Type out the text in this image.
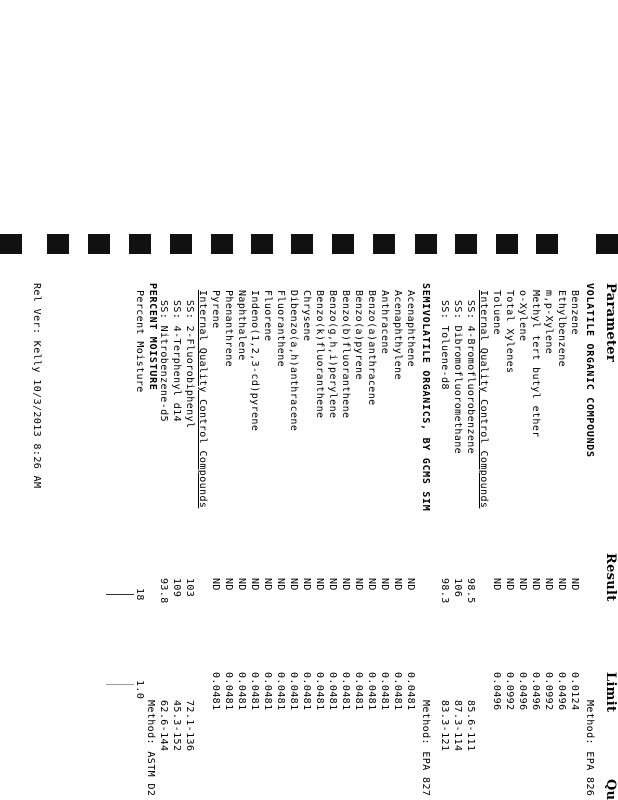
Parameter
Result
Limit
Qu
VOLATILE ORGANIC COMPOUNDS
Method: EPA 826
Benzene
ND
0.0124
Ethylbenzene
ND
0.0496
m,p-Xylene
ND
0.0992
Methyl tert butyl ether
ND
0.0496
o-Xylene
ND
0.0496
Total Xylenes
ND
0.0992
Toluene
ND
0.0496
Internal Quality Control Compounds
SS: 4-Bromofluorobenzene
98.5
85.6-111
SS: Dibromofluoromethane
106
87.3-114
SS: Toluene-d8
98.3
83.3-121
SEMIVOLATILE ORGANICS, BY GCMS SIM
Method: EPA 827
Acenaphthene
ND
0.0481
Acenaphthylene
ND
0.0481
Anthracene
ND
0.0481
Benzo(a)anthracene
ND
0.0481
Benzo(a)pyrene
ND
0.0481
Benzo(b)fluoranthene
ND
0.0481
Benzo(g,h,i)perylene
ND
0.0481
Benzo(k)fluoranthene
ND
0.0481
Chrysene
ND
0.0481
Dibenzo(a,h)anthracene
ND
0.0481
Fluoranthene
ND
0.0481
Fluorene
ND
0.0481
Indeno(1,2,3-cd)pyrene
ND
0.0481
Naphthalene
ND
0.0481
Phenanthrene
ND
0.0481
Pyrene
ND
0.0481
Internal Quality Control Compounds
SS: 2-Fluorobiphenyl
103
72.1-136
SS: 4-Terphenyl d14
109
45.3-152
SS: Nitrobenzene-d5
93.8
62.6-144
PERCENT MOISTURE
Method: ASTM D2
Percent Moisture
18
1.0
Rel Ver: Kelly 10/3/2013 8:26 AM
